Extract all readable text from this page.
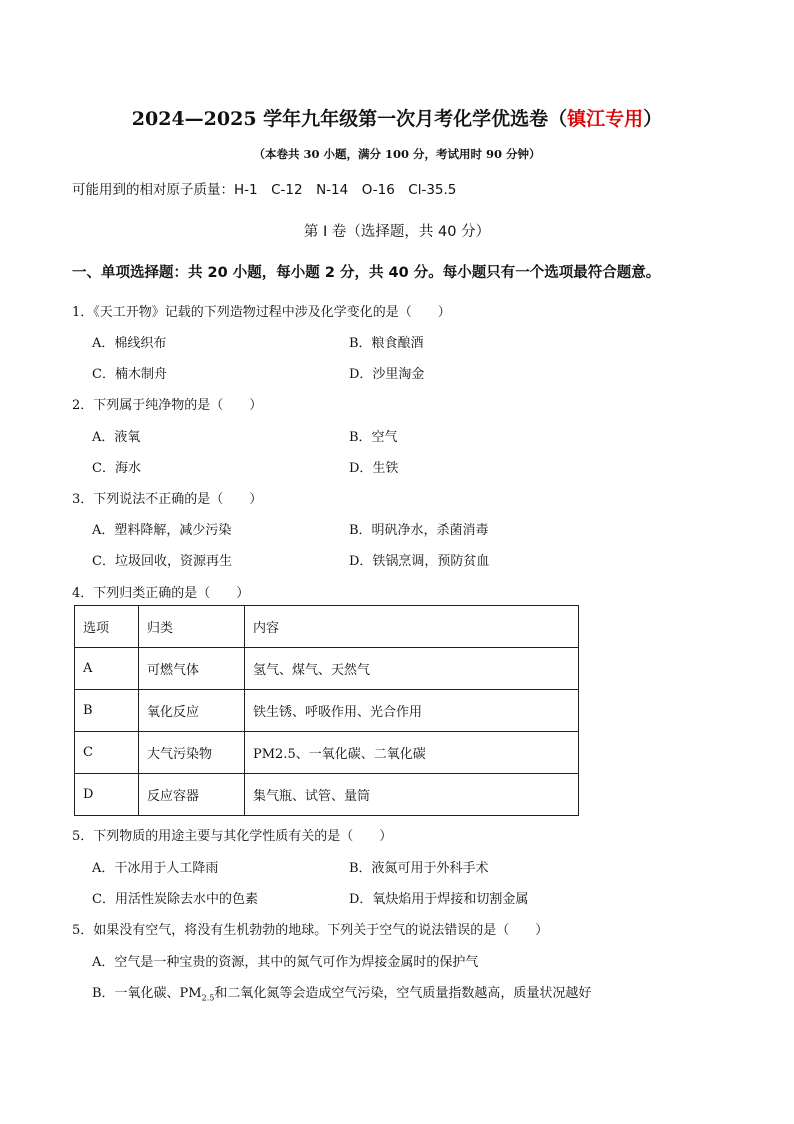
2024—2025 学年九年级第一次月考化学优选卷（镇江专用）
（本卷共 30 小题，满分 100 分，考试用时 90 分钟）
可能用到的相对原子质量：H-1　C-12　N-14　O-16　Cl-35.5
第 I 卷（选择题，共 40 分）
一、单项选择题：共 20 小题，每小题 2 分，共 40 分。每小题只有一个选项最符合题意。
1．《天工开物》记载的下列造物过程中涉及化学变化的是（　　）
A．棉线织布	B．粮食酿酒
C．楠木制舟	D．沙里淘金
2．下列属于纯净物的是（　　）
A．液氧	B．空气
C．海水	D．生铁
3．下列说法不正确的是（　　）
A．塑料降解，减少污染	B．明矾净水，杀菌消毒
C．垃圾回收，资源再生	D．铁锅烹调，预防贫血
4．下列归类正确的是（　　）
选项	归类	内容
A	可燃气体	氢气、煤气、天然气
B	氧化反应	铁生锈、呼吸作用、光合作用
C	大气污染物	PM2.5、一氧化碳、二氧化碳
D	反应容器	集气瓶、试管、量筒
5．下列物质的用途主要与其化学性质有关的是（　　）
A．干冰用于人工降雨	B．液氮可用于外科手术
C．用活性炭除去水中的色素	D．氧炔焰用于焊接和切割金属
5．如果没有空气，将没有生机勃勃的地球。下列关于空气的说法错误的是（　　）
A．空气是一种宝贵的资源，其中的氮气可作为焊接金属时的保护气
B．一氧化碳、$PM_{2.5}$和二氧化氮等会造成空气污染，空气质量指数越高，质量状况越好
